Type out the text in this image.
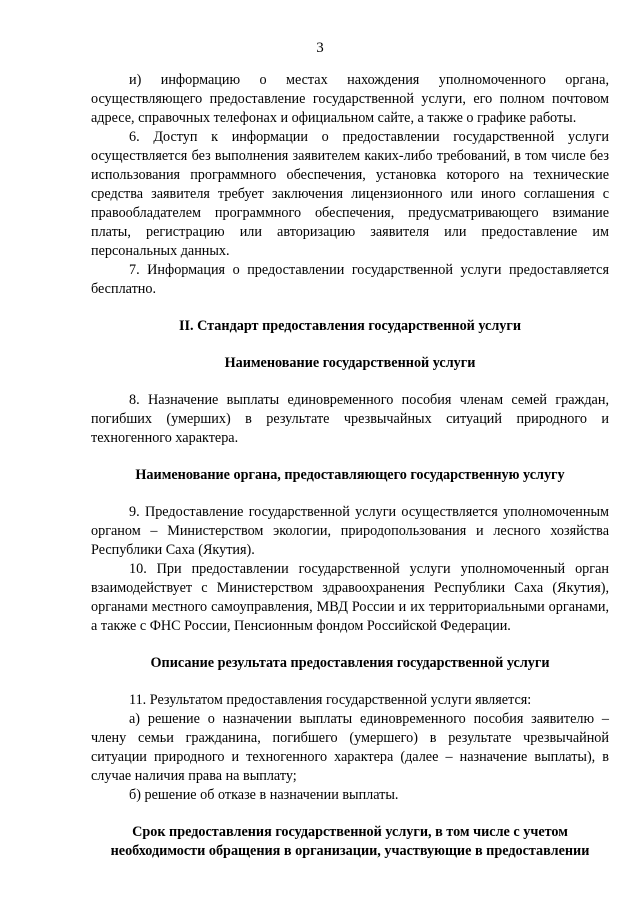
3

и) информацию о местах нахождения уполномоченного органа, осуществляющего предоставление государственной услуги, его полном почтовом адресе, справочных телефонах и официальном сайте, а также о графике работы.

6. Доступ к информации о предоставлении государственной услуги осуществляется без выполнения заявителем каких-либо требований, в том числе без использования программного обеспечения, установка которого на технические средства заявителя требует заключения лицензионного или иного соглашения с правообладателем программного обеспечения, предусматривающего взимание платы, регистрацию или авторизацию заявителя или предоставление им персональных данных.

7. Информация о предоставлении государственной услуги предоставляется бесплатно.

II. Стандарт предоставления государственной услуги

Наименование государственной услуги

8. Назначение выплаты единовременного пособия членам семей граждан, погибших (умерших) в результате чрезвычайных ситуаций природного и техногенного характера.

Наименование органа, предоставляющего государственную услугу

9. Предоставление государственной услуги осуществляется уполномоченным органом – Министерством экологии, природопользования и лесного хозяйства Республики Саха (Якутия).

10. При предоставлении государственной услуги уполномоченный орган взаимодействует с Министерством здравоохранения Республики Саха (Якутия), органами местного самоуправления, МВД России и их территориальными органами, а также с ФНС России, Пенсионным фондом Российской Федерации.

Описание результата предоставления государственной услуги

11. Результатом предоставления государственной услуги является:

а) решение о назначении выплаты единовременного пособия заявителю – члену семьи гражданина, погибшего (умершего) в результате чрезвычайной ситуации природного и техногенного характера (далее – назначение выплаты), в случае наличия права на выплату;

б) решение об отказе в назначении выплаты.

Срок предоставления государственной услуги, в том числе с учетом

необходимости обращения в организации, участвующие в предоставлении
